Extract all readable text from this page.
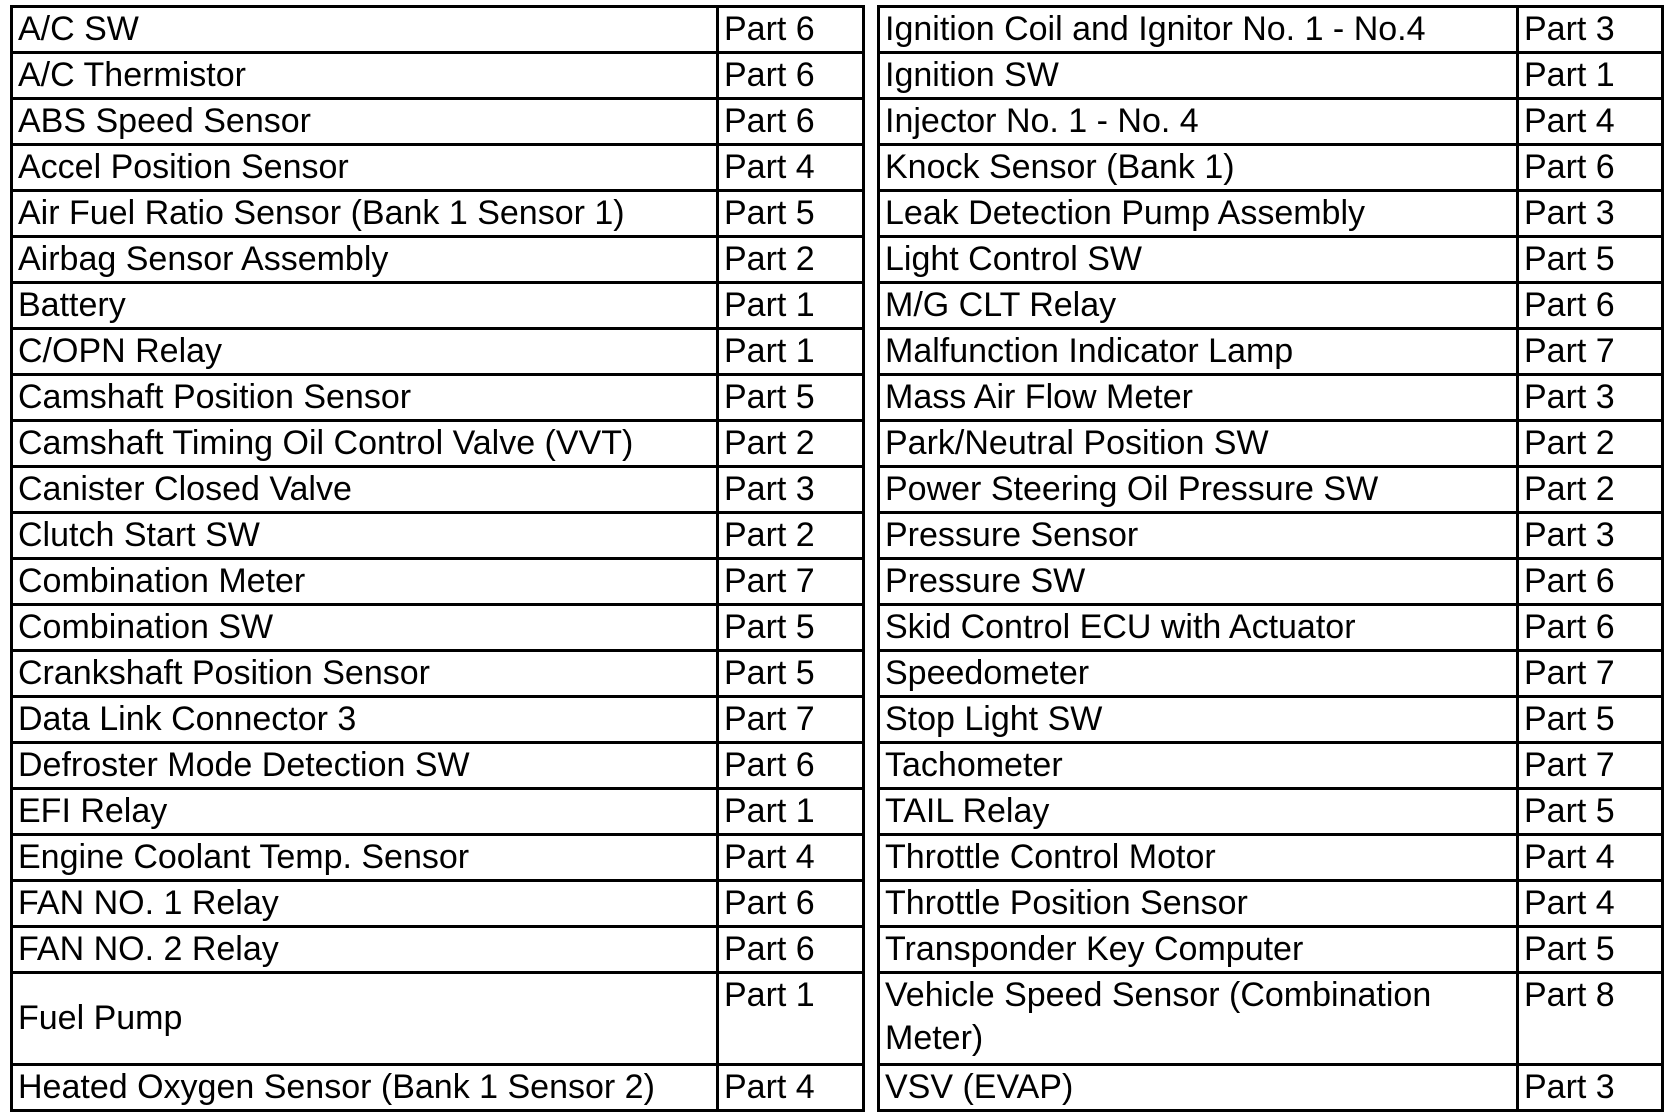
A/C SW	Part 6
A/C Thermistor	Part 6
ABS Speed Sensor	Part 6
Accel Position Sensor	Part 4
Air Fuel Ratio Sensor (Bank 1 Sensor 1)	Part 5
Airbag Sensor Assembly	Part 2
Battery	Part 1
C/OPN Relay	Part 1
Camshaft Position Sensor	Part 5
Camshaft Timing Oil Control Valve (VVT)	Part 2
Canister Closed Valve	Part 3
Clutch Start SW	Part 2
Combination Meter	Part 7
Combination SW	Part 5
Crankshaft Position Sensor	Part 5
Data Link Connector 3	Part 7
Defroster Mode Detection SW	Part 6
EFI Relay	Part 1
Engine Coolant Temp. Sensor	Part 4
FAN NO. 1 Relay	Part 6
FAN NO. 2 Relay	Part 6
Fuel Pump	Part 1
Heated Oxygen Sensor (Bank 1 Sensor 2)	Part 4
Ignition Coil and Ignitor No. 1 - No.4	Part 3
Ignition SW	Part 1
Injector No. 1 - No. 4	Part 4
Knock Sensor (Bank 1)	Part 6
Leak Detection Pump Assembly	Part 3
Light Control SW	Part 5
M/G CLT Relay	Part 6
Malfunction Indicator Lamp	Part 7
Mass Air Flow Meter	Part 3
Park/Neutral Position SW	Part 2
Power Steering Oil Pressure SW	Part 2
Pressure Sensor	Part 3
Pressure SW	Part 6
Skid Control ECU with Actuator	Part 6
Speedometer	Part 7
Stop Light SW	Part 5
Tachometer	Part 7
TAIL Relay	Part 5
Throttle Control Motor	Part 4
Throttle Position Sensor	Part 4
Transponder Key Computer	Part 5
Vehicle Speed Sensor (Combination Meter)	Part 8
VSV (EVAP)	Part 3
